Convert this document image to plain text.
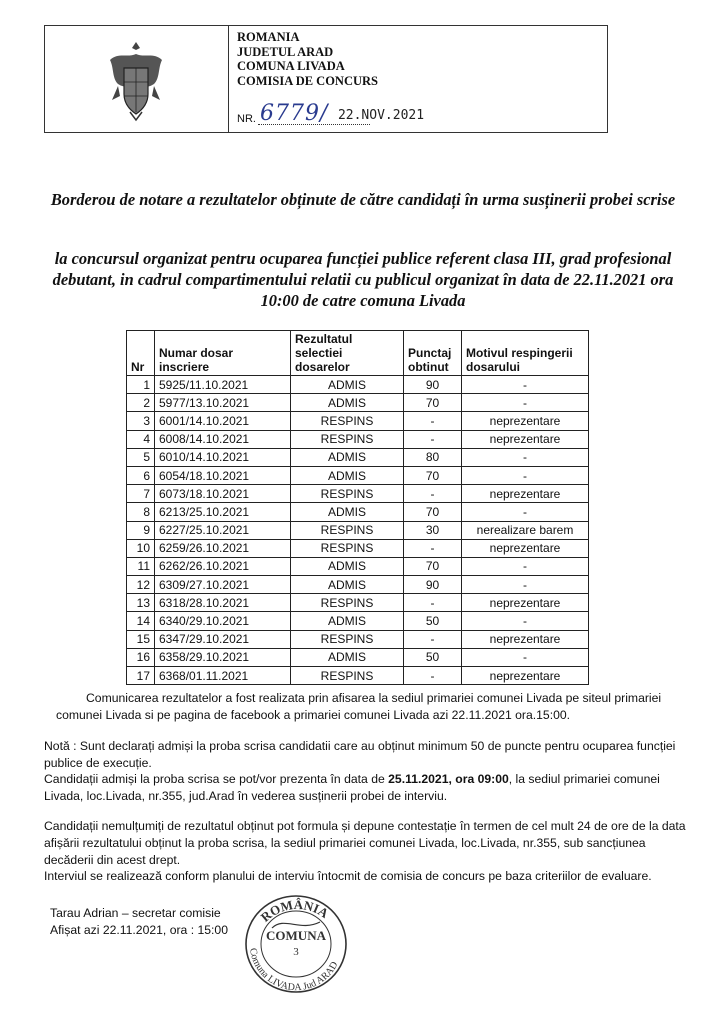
ROMANIA
JUDETUL ARAD
COMUNA LIVADA
COMISIA DE CONCURS
NR. 6779/ 22.NOV.2021
Borderou de notare a rezultatelor obținute de către candidați în urma susținerii probei scrise
la concursul organizat pentru ocuparea funcției publice referent clasa III, grad profesional debutant, in cadrul compartimentului relatii cu publicul organizat în data de 22.11.2021 ora 10:00 de catre comuna Livada
Nr	Numar dosar inscriere	Rezultatul selectiei dosarelor	Punctaj obtinut	Motivul respingerii dosarului
1	5925/11.10.2021	ADMIS	90	-
2	5977/13.10.2021	ADMIS	70	-
3	6001/14.10.2021	RESPINS	-	neprezentare
4	6008/14.10.2021	RESPINS	-	neprezentare
5	6010/14.10.2021	ADMIS	80	-
6	6054/18.10.2021	ADMIS	70	-
7	6073/18.10.2021	RESPINS	-	neprezentare
8	6213/25.10.2021	ADMIS	70	-
9	6227/25.10.2021	RESPINS	30	nerealizare barem
10	6259/26.10.2021	RESPINS	-	neprezentare
11	6262/26.10.2021	ADMIS	70	-
12	6309/27.10.2021	ADMIS	90	-
13	6318/28.10.2021	RESPINS	-	neprezentare
14	6340/29.10.2021	ADMIS	50	-
15	6347/29.10.2021	RESPINS	-	neprezentare
16	6358/29.10.2021	ADMIS	50	-
17	6368/01.11.2021	RESPINS	-	neprezentare
Comunicarea rezultatelor a fost realizata prin afisarea la sediul primariei comunei Livada pe siteul primariei comunei Livada si pe pagina de facebook a primariei comunei Livada azi 22.11.2021 ora.15:00.
Notă : Sunt declarați admiși la proba scrisa candidatii care au obținut minimum 50 de puncte pentru ocuparea funcției publice de execuție.
Candidații admiși la proba scrisa se pot/vor prezenta în data de 25.11.2021, ora 09:00, la sediul primariei comunei Livada, loc.Livada, nr.355, jud.Arad în vederea susținerii probei de interviu.
Candidații nemulțumiți de rezultatul obținut pot formula și depune contestație în termen de cel mult 24 de ore de la data afișării rezultatului obținut la proba scrisa, la sediul primariei comunei Livada, loc.Livada, nr.355, sub sancțiunea decăderii din acest drept.
Interviul se realizează conform planului de interviu întocmit de comisia de concurs pe baza criteriilor de evaluare.
Tarau Adrian – secretar comisie
Afișat azi 22.11.2021, ora : 15:00
ROMÂNIA
COMUNA
3
Comuna LIVADA Jud ARAD
